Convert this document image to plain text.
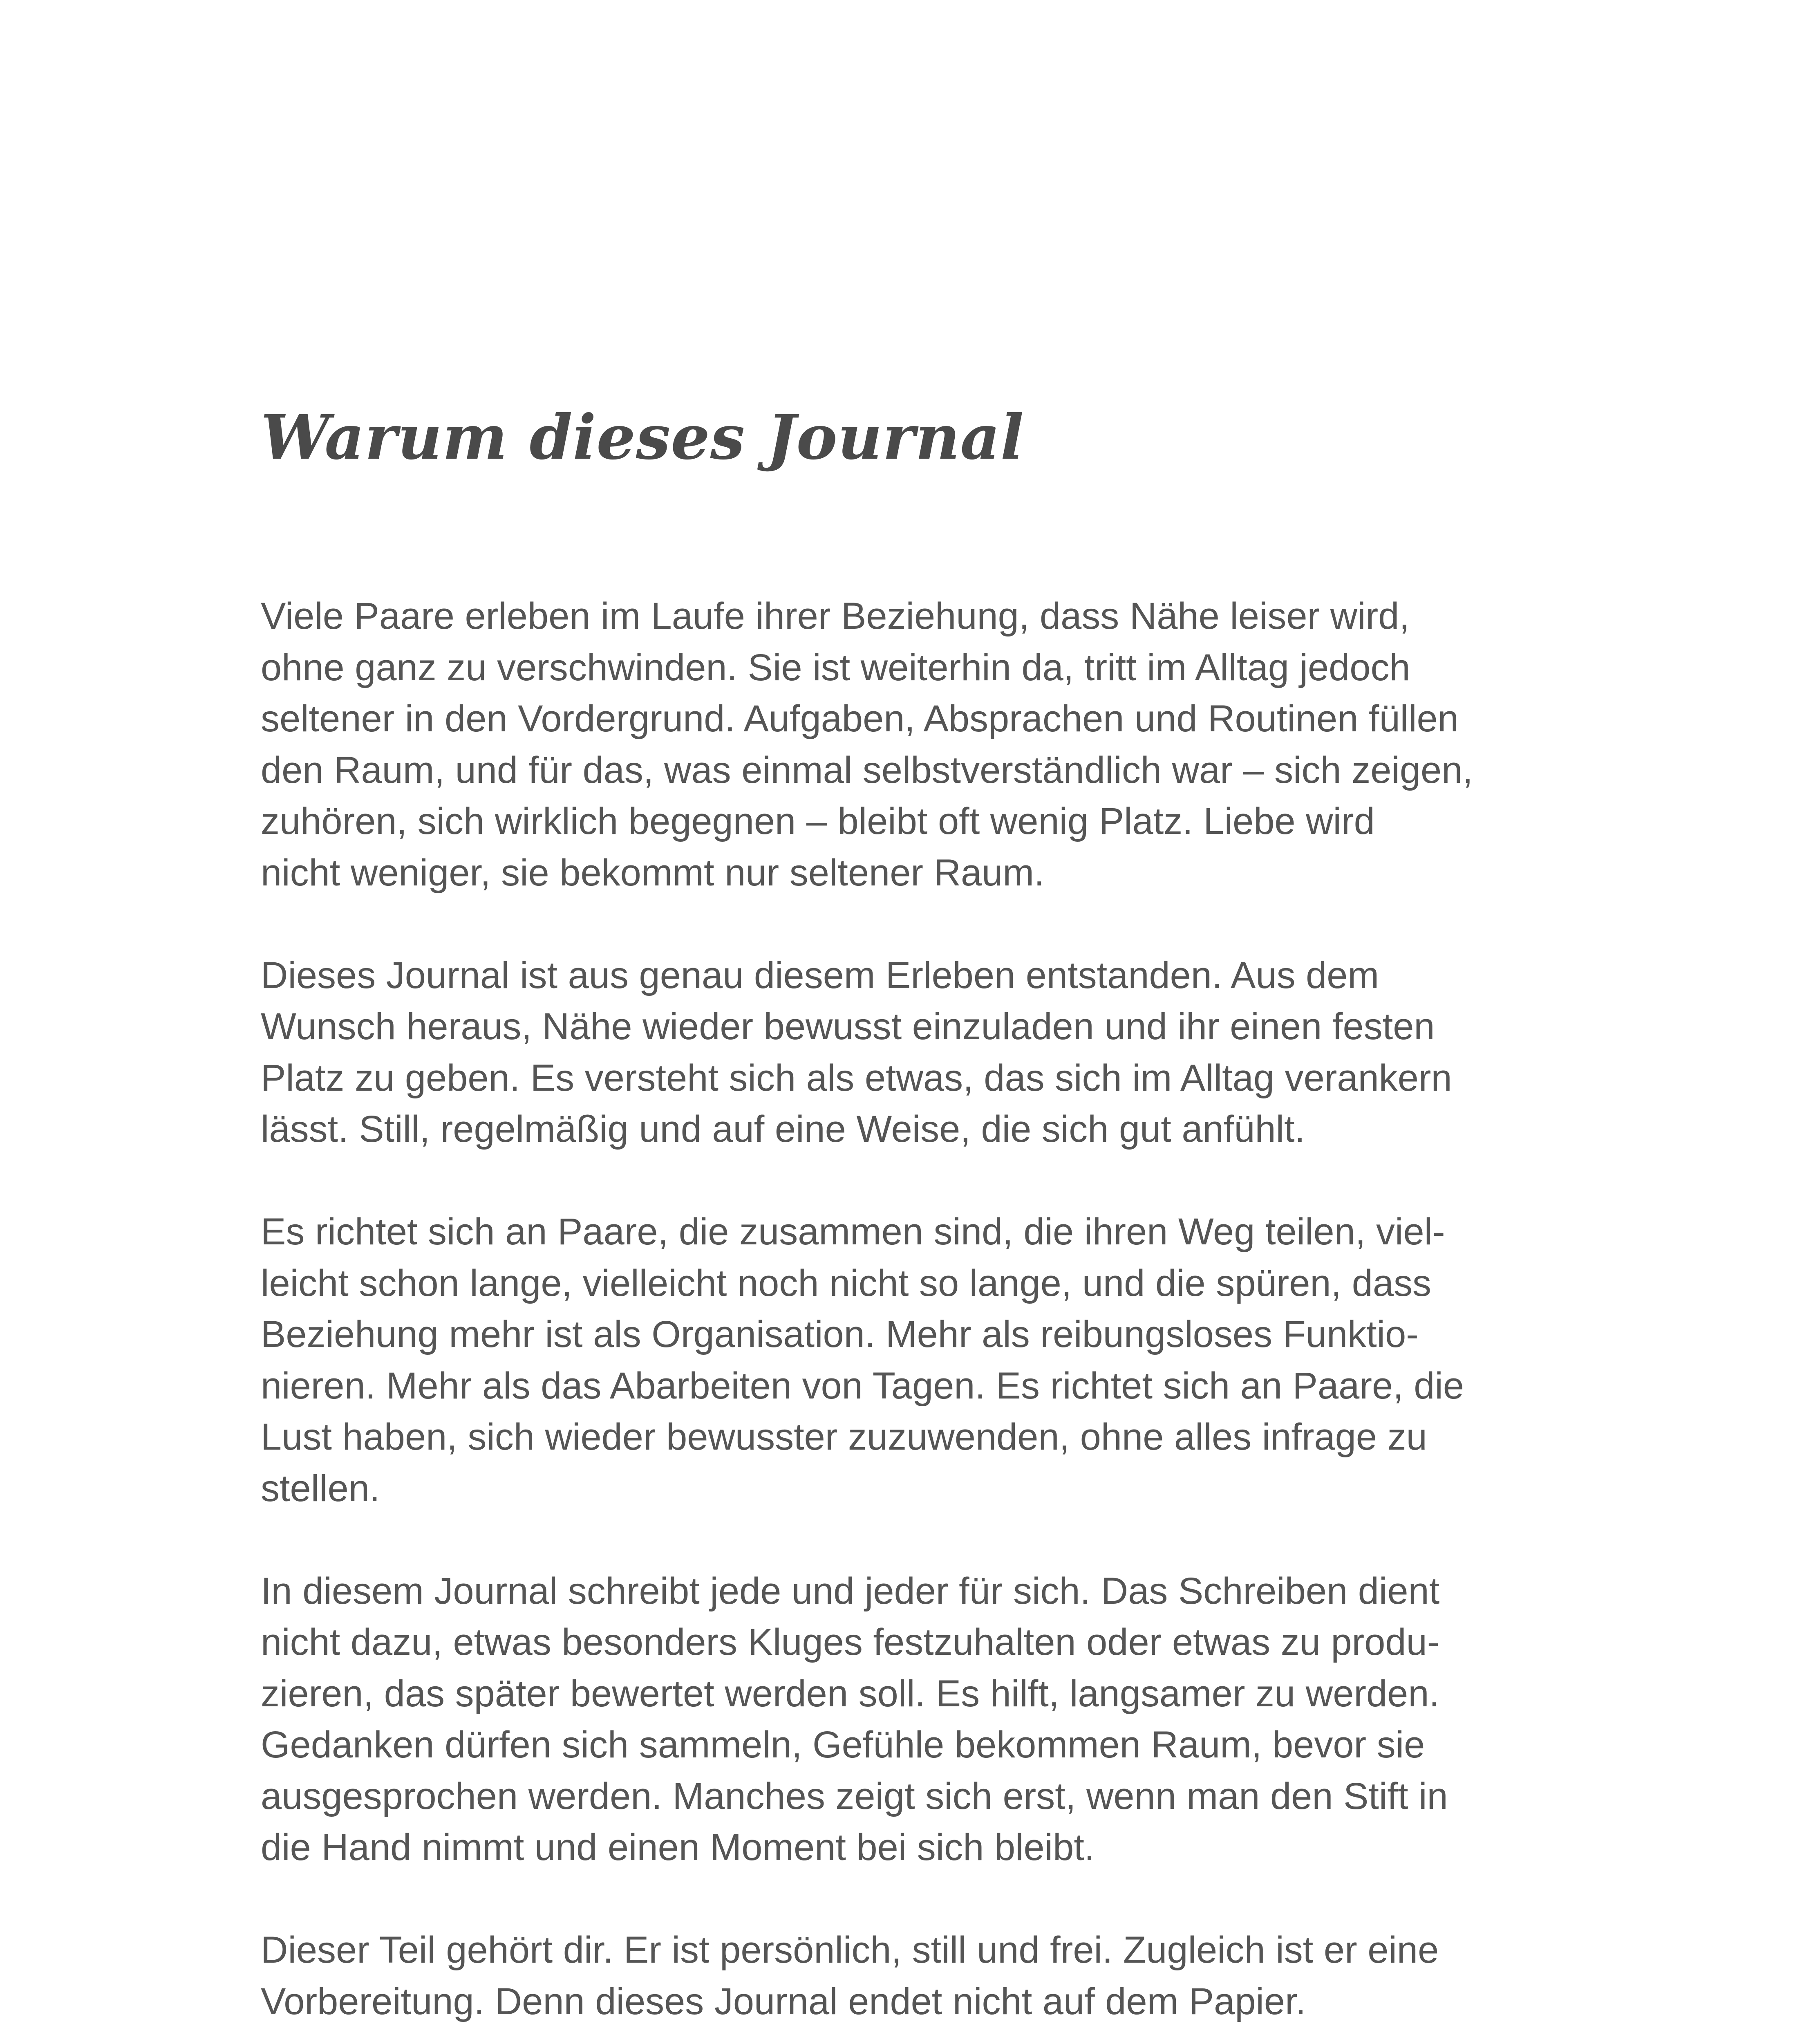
Warum dieses Journal

Viele Paare erleben im Laufe ihrer Beziehung, dass Nähe leiser wird,
ohne ganz zu verschwinden. Sie ist weiterhin da, tritt im Alltag jedoch
seltener in den Vordergrund. Aufgaben, Absprachen und Routinen füllen
den Raum, und für das, was einmal selbstverständlich war – sich zeigen,
zuhören, sich wirklich begegnen – bleibt oft wenig Platz. Liebe wird
nicht weniger, sie bekommt nur seltener Raum.

Dieses Journal ist aus genau diesem Erleben entstanden. Aus dem
Wunsch heraus, Nähe wieder bewusst einzuladen und ihr einen festen
Platz zu geben. Es versteht sich als etwas, das sich im Alltag verankern
lässt. Still, regelmäßig und auf eine Weise, die sich gut anfühlt.

Es richtet sich an Paare, die zusammen sind, die ihren Weg teilen, viel-
leicht schon lange, vielleicht noch nicht so lange, und die spüren, dass
Beziehung mehr ist als Organisation. Mehr als reibungsloses Funktio-
nieren. Mehr als das Abarbeiten von Tagen. Es richtet sich an Paare, die
Lust haben, sich wieder bewusster zuzuwenden, ohne alles infrage zu
stellen.

In diesem Journal schreibt jede und jeder für sich. Das Schreiben dient
nicht dazu, etwas besonders Kluges festzuhalten oder etwas zu produ-
zieren, das später bewertet werden soll. Es hilft, langsamer zu werden.
Gedanken dürfen sich sammeln, Gefühle bekommen Raum, bevor sie
ausgesprochen werden. Manches zeigt sich erst, wenn man den Stift in
die Hand nimmt und einen Moment bei sich bleibt.

Dieser Teil gehört dir. Er ist persönlich, still und frei. Zugleich ist er eine
Vorbereitung. Denn dieses Journal endet nicht auf dem Papier.
